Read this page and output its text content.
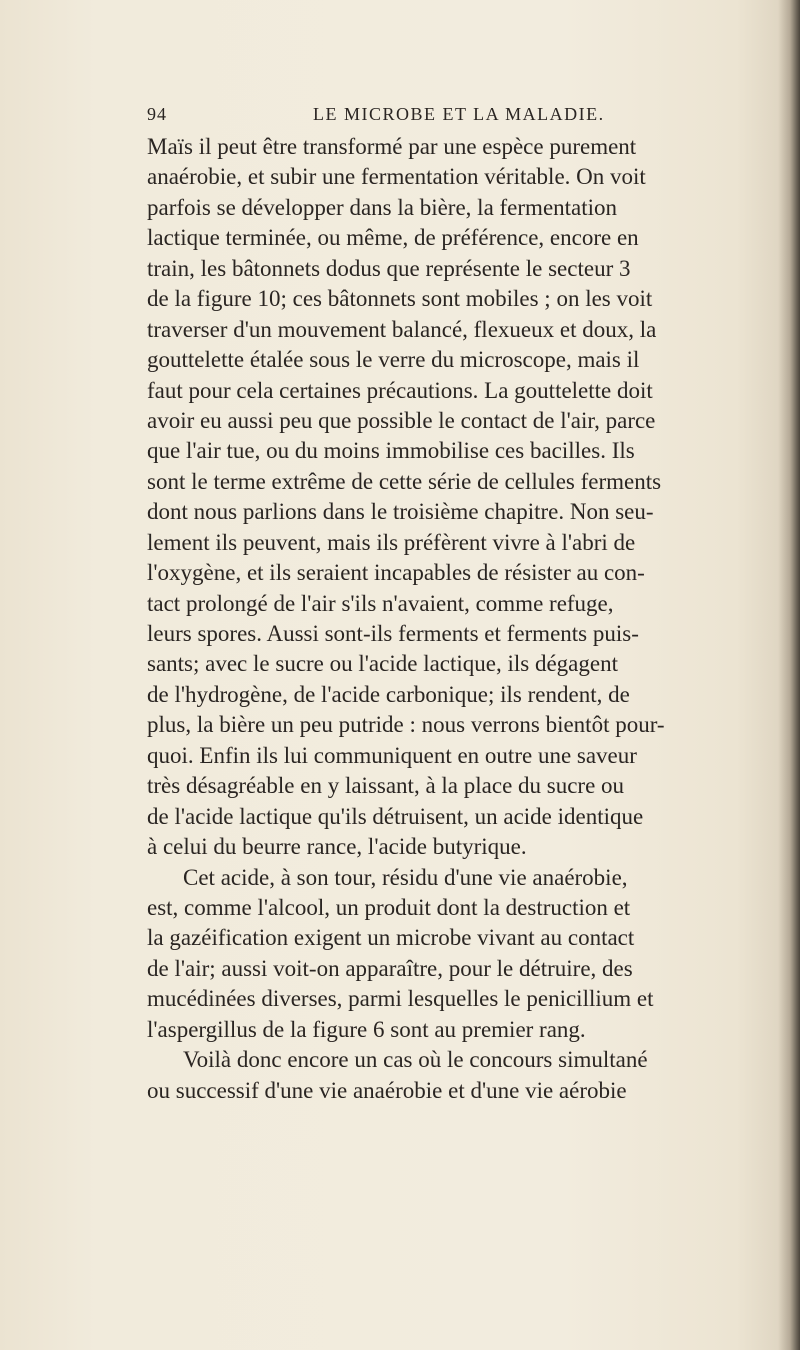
94	LE MICROBE ET LA MALADIE.
Maïs il peut être transformé par une espèce purement
anaérobie, et subir une fermentation véritable. On voit
parfois se développer dans la bière, la fermentation
lactique terminée, ou même, de préférence, encore en
train, les bâtonnets dodus que représente le secteur 3
de la figure 10; ces bâtonnets sont mobiles ; on les voit
traverser d'un mouvement balancé, flexueux et doux, la
gouttelette étalée sous le verre du microscope, mais il
faut pour cela certaines précautions. La gouttelette doit
avoir eu aussi peu que possible le contact de l'air, parce
que l'air tue, ou du moins immobilise ces bacilles. Ils
sont le terme extrême de cette série de cellules ferments
dont nous parlions dans le troisième chapitre. Non seu-
lement ils peuvent, mais ils préfèrent vivre à l'abri de
l'oxygène, et ils seraient incapables de résister au con-
tact prolongé de l'air s'ils n'avaient, comme refuge,
leurs spores. Aussi sont-ils ferments et ferments puis-
sants; avec le sucre ou l'acide lactique, ils dégagent
de l'hydrogène, de l'acide carbonique; ils rendent, de
plus, la bière un peu putride : nous verrons bientôt pour-
quoi. Enfin ils lui communiquent en outre une saveur
très désagréable en y laissant, à la place du sucre ou
de l'acide lactique qu'ils détruisent, un acide identique
à celui du beurre rance, l'acide butyrique.
Cet acide, à son tour, résidu d'une vie anaérobie,
est, comme l'alcool, un produit dont la destruction et
la gazéification exigent un microbe vivant au contact
de l'air; aussi voit-on apparaître, pour le détruire, des
mucédinées diverses, parmi lesquelles le penicillium et
l'aspergillus de la figure 6 sont au premier rang.
Voilà donc encore un cas où le concours simultané
ou successif d'une vie anaérobie et d'une vie aérobie
